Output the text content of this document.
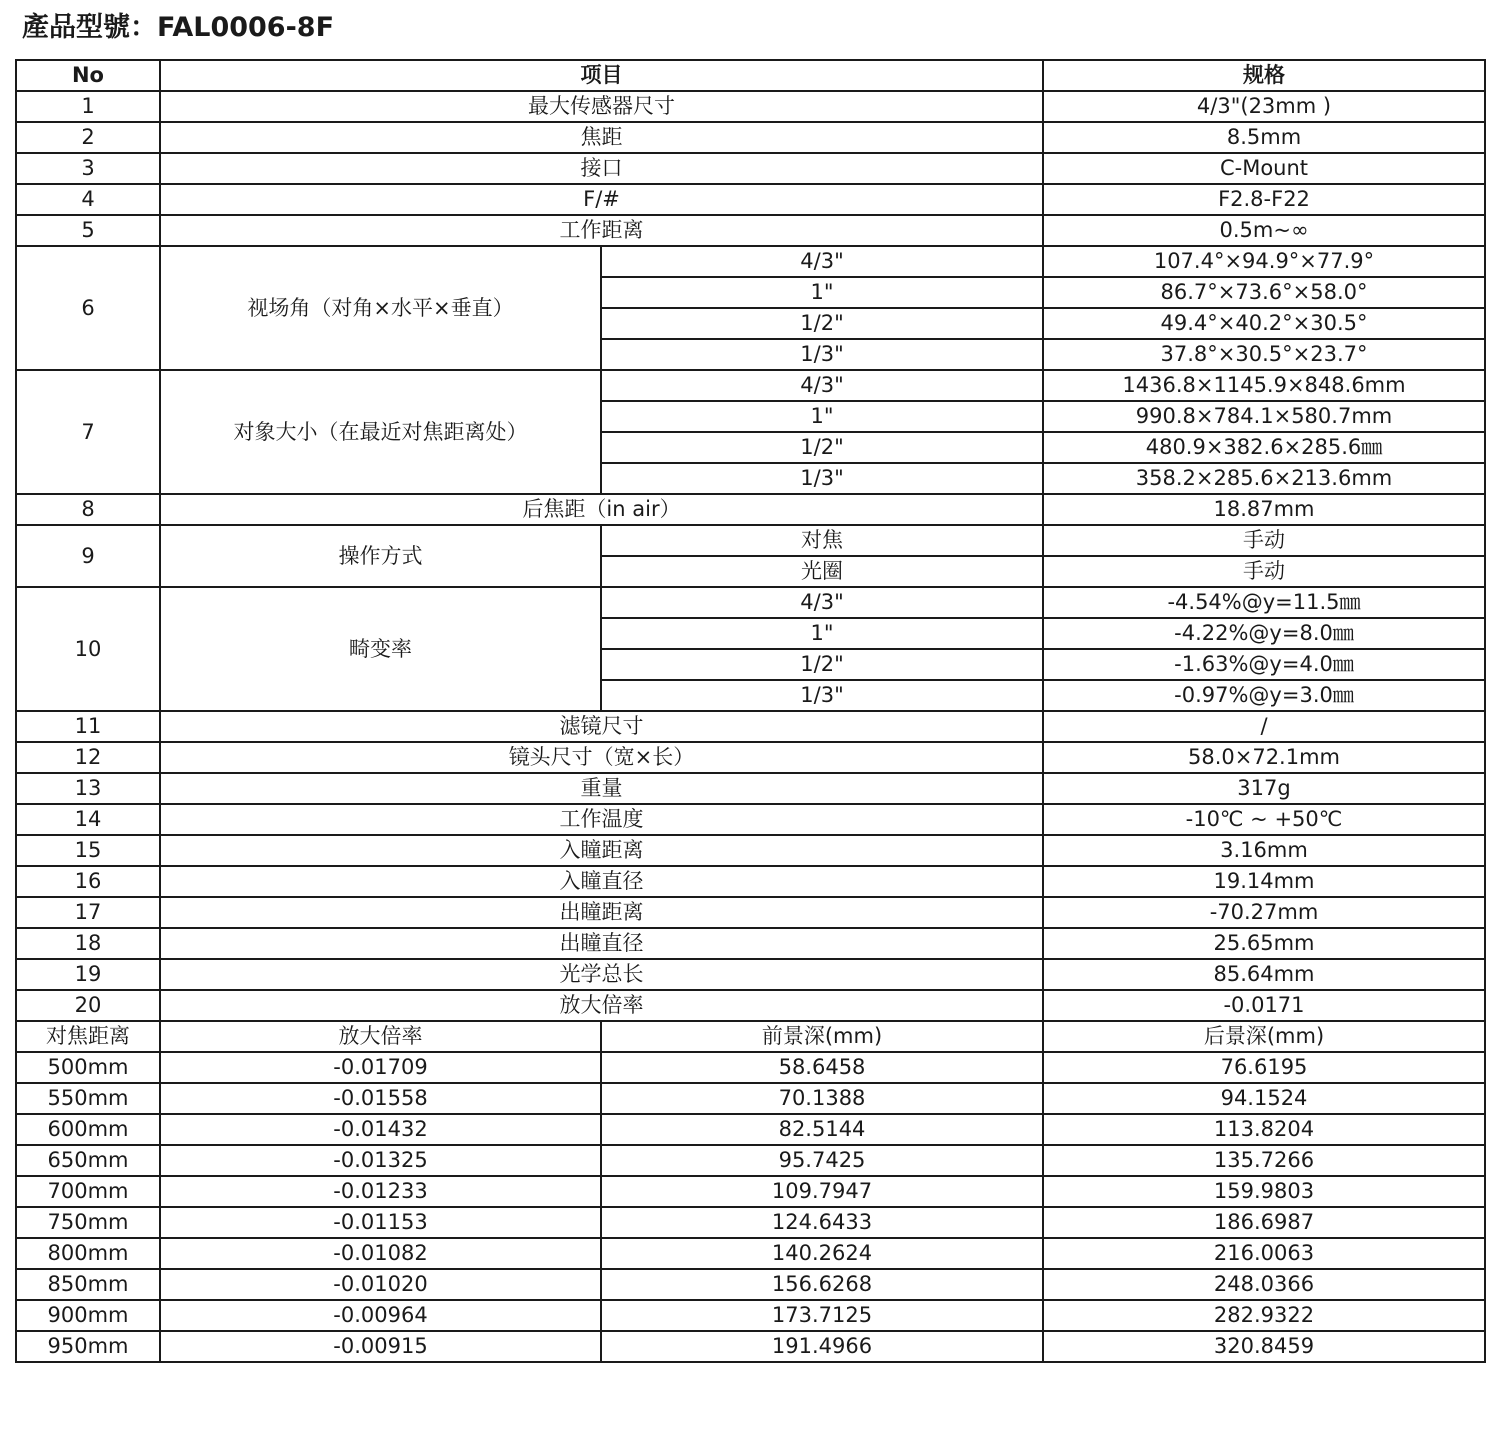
產品型號：FAL0006-8F
No	项目		规格
1	最大传感器尺寸		4/3"(23mm )
2	焦距		8.5mm
3	接口		C-Mount
4	F/#		F2.8-F22
5	工作距离		0.5m~∞
6	视场角（对角×水平×垂直）	4/3"	107.4°×94.9°×77.9°
		1"	86.7°×73.6°×58.0°
		1/2"	49.4°×40.2°×30.5°
		1/3"	37.8°×30.5°×23.7°
7	对象大小（在最近对焦距离处）	4/3"	1436.8×1145.9×848.6mm
		1"	990.8×784.1×580.7mm
		1/2"	480.9×382.6×285.6㎜
		1/3"	358.2×285.6×213.6mm
8	后焦距（in air）		18.87mm
9	操作方式	对焦	手动
		光圈	手动
10	畸变率	4/3"	-4.54%@y=11.5㎜
		1"	-4.22%@y=8.0㎜
		1/2"	-1.63%@y=4.0㎜
		1/3"	-0.97%@y=3.0㎜
11	滤镜尺寸		/
12	镜头尺寸（宽×长）		58.0×72.1mm
13	重量		317g
14	工作温度		-10℃ ~ +50℃
15	入瞳距离		3.16mm
16	入瞳直径		19.14mm
17	出瞳距离		-70.27mm
18	出瞳直径		25.65mm
19	光学总长		85.64mm
20	放大倍率		-0.0171
对焦距离	放大倍率	前景深(mm)	后景深(mm)
500mm	-0.01709	58.6458	76.6195
550mm	-0.01558	70.1388	94.1524
600mm	-0.01432	82.5144	113.8204
650mm	-0.01325	95.7425	135.7266
700mm	-0.01233	109.7947	159.9803
750mm	-0.01153	124.6433	186.6987
800mm	-0.01082	140.2624	216.0063
850mm	-0.01020	156.6268	248.0366
900mm	-0.00964	173.7125	282.9322
950mm	-0.00915	191.4966	320.8459
